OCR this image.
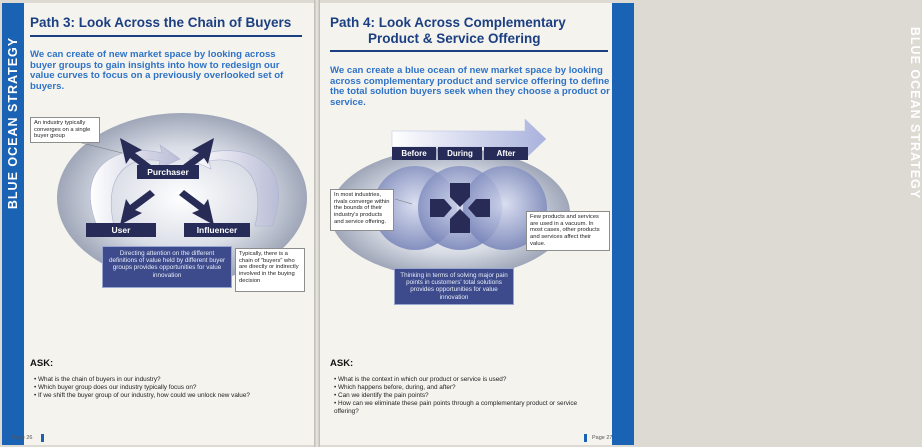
BLUE OCEAN STRATEGY
Path 3: Look Across the Chain of Buyers
We can create of new market space by looking across buyer groups to gain insights into how to redesign our value curves to focus on a previously overlooked set of buyers.
An industry typically converges on a single buyer group
Purchaser
User	Influencer
Directing attention on the different definitions of value held by different buyer groups provides opportunities for value innovation
Typically, there is a chain of "buyers" who are directly or indirectly involved in the buying decision
ASK:
• What is the chain of buyers in our industry?
• Which buyer group does our industry typically focus on?
• If we shift the buyer group of our industry, how could we unlock new value?
Page 26
BLUE OCEAN STRATEGY
Path 4: Look Across Complementary
Product & Service Offering
We can create a blue ocean of new market space by looking across complementary product and service offering to define the total solution buyers seek when they choose a product or service.
Before	During	After
In most industries, rivals converge within the bounds of their industry's products and service offering.
Few products and services are used in a vacuum. In most cases, other products and services affect their value.
Thinking in terms of solving major pain points in customers' total solutions provides opportunities for value innovation
ASK:
• What is the context in which our product or service is used?
• Which happens before, during, and after?
• Can we identify the pain points?
• How can we eliminate these pain points through a complementary product or service offering?
Page 27
